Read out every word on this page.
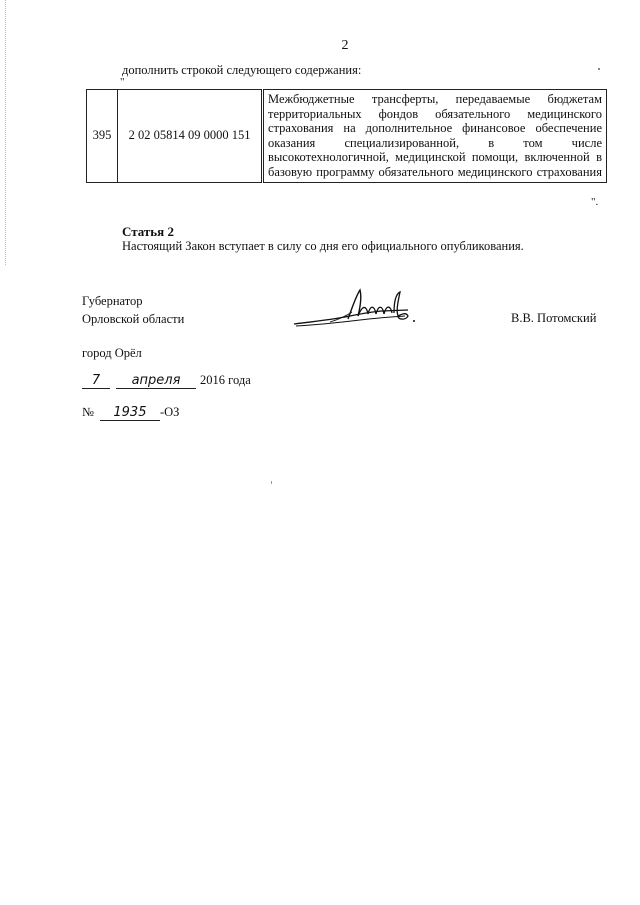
2
дополнить строкой следующего содержания:
"
395	2 02 05814 09 0000 151	Межбюджетные трансферты, передаваемые бюджетам территориальных фондов обязательного медицинского страхования на дополнительное финансовое обеспечение оказания специализированной, в том числе высокотехнологичной, медицинской помощи, включенной в базовую программу обязательного медицинского страхования
".
Статья 2
Настоящий Закон вступает в силу со дня его официального опубликования.
Губернатор
Орловской области	В.В. Потомский
город Орёл
7 апреля 2016 года
№ 1935 -ОЗ
